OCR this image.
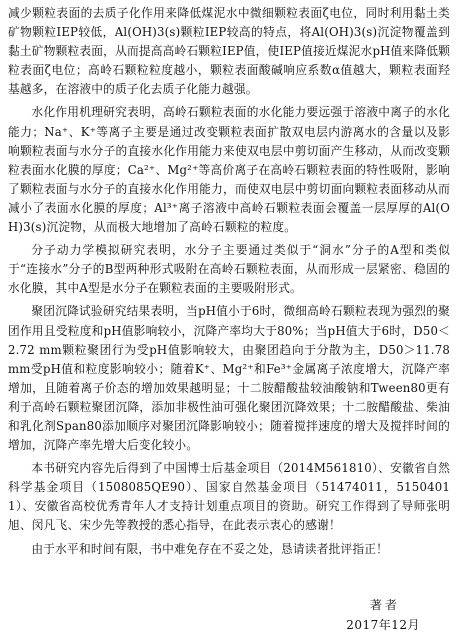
减少颗粒表面的去质子化作用来降低煤泥水中微细颗粒表面ζ电位，同时利用黏土类矿物颗粒IEP较低，Al(OH)3(s)颗粒IEP较高的特点，将Al(OH)3(s)沉淀物覆盖到黏土矿物颗粒表面，从而提高高岭石颗粒IEP值，使IEP值接近煤泥水pH值来降低颗粒表面ζ电位；高岭石颗粒粒度越小，颗粒表面酸碱响应系数α值越大，颗粒表面羟基越多，在溶液中的质子化去质子化能力越强。

水化作用机理研究表明，高岭石颗粒表面的水化能力要远强于溶液中离子的水化能力；Na⁺、K⁺等离子主要是通过改变颗粒表面扩散双电层内游离水的含量以及影响颗粒表面与水分子的直接水化作用能力来使双电层中剪切面产生移动，从而改变颗粒表面水化膜的厚度；Ca²⁺、Mg²⁺等高价离子在高岭石颗粒表面的特性吸附，影响了颗粒表面与水分子的直接水化作用能力，而使双电层中剪切面向颗粒表面移动从而减小了表面水化膜的厚度；Al³⁺离子溶液中高岭石颗粒表面会覆盖一层厚厚的Al(OH)3(s)沉淀物，从而极大地增加了高岭石颗粒的粒度。

分子动力学模拟研究表明，水分子主要通过类似于“洞水”分子的A型和类似于“连接水”分子的B型两种形式吸附在高岭石颗粒表面，从而形成一层紧密、稳固的水化膜，其中A型是水分子在颗粒表面的主要吸附形式。

聚团沉降试验研究结果表明，当pH值小于6时，微细高岭石颗粒表现为强烈的聚团作用且受粒度和pH值影响较小，沉降产率均大于80%；当pH值大于6时，D50＜2.72 mm颗粒聚团行为受pH值影响较大，由聚团趋向于分散为主，D50＞11.78 mm受pH值和粒度影响较小；随着K⁺、Mg²⁺和Fe³⁺金属离子浓度增大，沉降产率增加，且随着离子价态的增加效果越明显；十二胺醋酸盐较油酸钠和Tween80更有利于高岭石颗粒聚团沉降，添加非极性油可强化聚团沉降效果；十二胺醋酸盐、柴油和乳化剂Span80添加顺序对聚团沉降影响较小；随着搅拌速度的增大及搅拌时间的增加，沉降产率先增大后变化较小。

本书研究内容先后得到了中国博士后基金项目（2014M561810）、安徽省自然科学基金项目（1508085QE90）、国家自然基金项目（51474011，51504011）、安徽省高校优秀青年人才支持计划重点项目的资助。研究工作得到了导师张明旭、闵凡飞、宋少先等教授的悉心指导，在此表示衷心的感谢！

由于水平和时间有限，书中难免存在不妥之处，恳请读者批评指正！

著者
2017年12月
